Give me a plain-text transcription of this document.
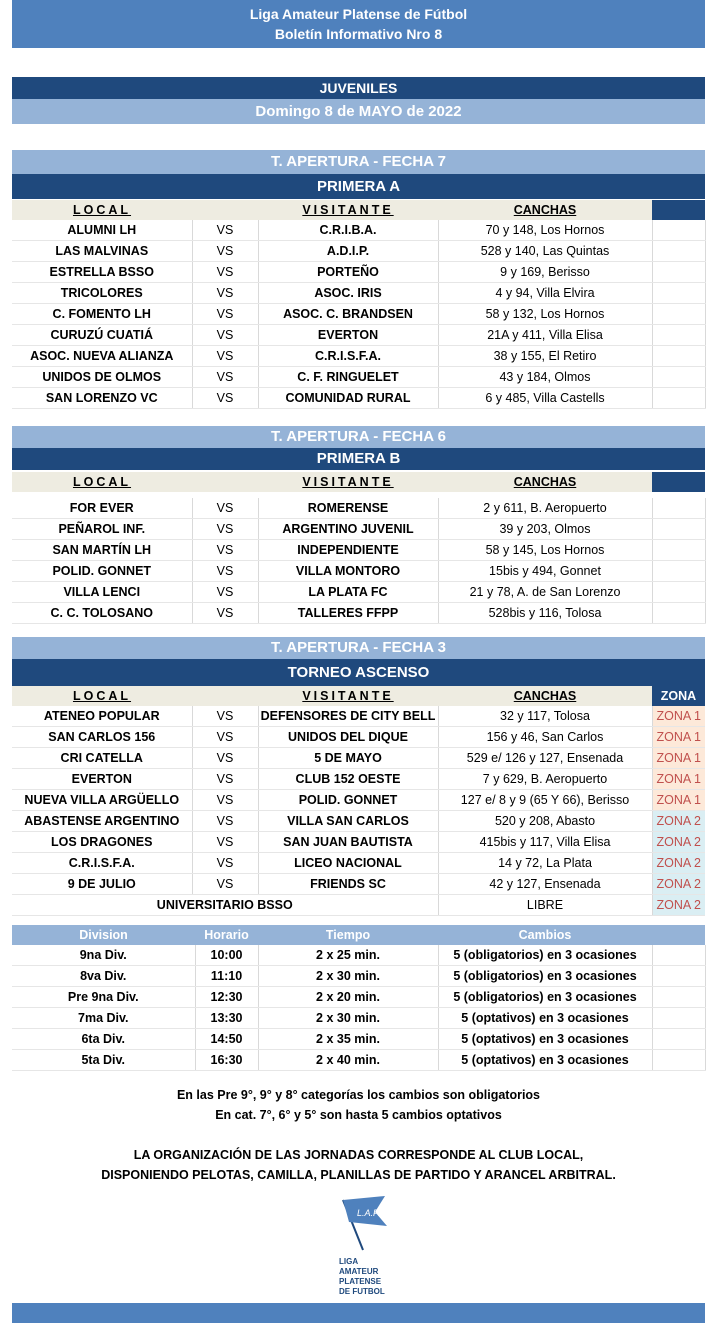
Liga Amateur Platense de Fútbol
Boletín Informativo Nro 8
JUVENILES
Domingo 8 de MAYO de 2022
T. APERTURA - FECHA 7
PRIMERA A
LOCAL		VISITANTE	CANCHAS	
ALUMNI LH	VS	C.R.I.B.A.	70 y 148, Los Hornos	
LAS MALVINAS	VS	A.D.I.P.	528 y 140, Las Quintas	
ESTRELLA BSSO	VS	PORTEÑO	9 y 169, Berisso	
TRICOLORES	VS	ASOC. IRIS	4 y 94, Villa Elvira	
C. FOMENTO LH	VS	ASOC. C. BRANDSEN	58 y 132, Los Hornos	
CURUZÚ CUATIÁ	VS	EVERTON	21A y 411, Villa Elisa	
ASOC. NUEVA ALIANZA	VS	C.R.I.S.F.A.	38 y 155, El Retiro	
UNIDOS DE OLMOS	VS	C. F. RINGUELET	43 y 184, Olmos	
SAN LORENZO VC	VS	COMUNIDAD RURAL	6 y 485, Villa Castells	
T. APERTURA - FECHA 6
PRIMERA B
LOCAL		VISITANTE	CANCHAS	

FOR EVER	VS	ROMERENSE	2 y 611, B. Aeropuerto	
PEÑAROL INF.	VS	ARGENTINO JUVENIL	39 y 203, Olmos	
SAN MARTÍN LH	VS	INDEPENDIENTE	58 y 145, Los Hornos	
POLID. GONNET	VS	VILLA MONTORO	15bis y 494, Gonnet	
VILLA LENCI	VS	LA PLATA FC	21 y 78, A. de San Lorenzo	
C. C. TOLOSANO	VS	TALLERES FFPP	528bis y 116, Tolosa	
T. APERTURA - FECHA 3
TORNEO ASCENSO
LOCAL		VISITANTE	CANCHAS	ZONA
ATENEO POPULAR	VS	DEFENSORES DE CITY BELL	32 y 117, Tolosa	ZONA 1
SAN CARLOS 156	VS	UNIDOS DEL DIQUE	156 y 46, San Carlos	ZONA 1
CRI CATELLA	VS	5 DE MAYO	529 e/ 126 y 127, Ensenada	ZONA 1
EVERTON	VS	CLUB 152 OESTE	7 y 629, B. Aeropuerto	ZONA 1
NUEVA VILLA ARGÜELLO	VS	POLID. GONNET	127 e/ 8 y 9 (65 Y 66), Berisso	ZONA 1
ABASTENSE ARGENTINO	VS	VILLA SAN CARLOS	520 y 208, Abasto	ZONA 2
LOS DRAGONES	VS	SAN JUAN BAUTISTA	415bis y 117, Villa Elisa	ZONA 2
C.R.I.S.F.A.	VS	LICEO NACIONAL	14 y 72, La Plata	ZONA 2
9 DE JULIO	VS	FRIENDS SC	42 y 127, Ensenada	ZONA 2
UNIVERSITARIO BSSO			LIBRE	ZONA 2
Division	Horario	Tiempo	Cambios	
9na Div.	10:00	2 x 25 min.	5 (obligatorios) en 3 ocasiones	
8va Div.	11:10	2 x 30 min.	5 (obligatorios) en 3 ocasiones	
Pre 9na Div.	12:30	2 x 20 min.	5 (obligatorios) en 3 ocasiones	
7ma Div.	13:30	2 x 30 min.	5 (optativos) en 3 ocasiones	
6ta Div.	14:50	2 x 35 min.	5 (optativos) en 3 ocasiones	
5ta Div.	16:30	2 x 40 min.	5 (optativos) en 3 ocasiones	
En las Pre 9°, 9° y 8° categorías los cambios son obligatorios
En cat. 7°, 6° y 5° son hasta 5 cambios optativos
LA ORGANIZACIÓN DE LAS JORNADAS CORRESPONDE AL CLUB LOCAL,
DISPONIENDO PELOTAS, CAMILLA, PLANILLAS DE PARTIDO Y ARANCEL ARBITRAL.
L.A.P.
LIGA
AMATEUR
PLATENSE
DE FUTBOL
